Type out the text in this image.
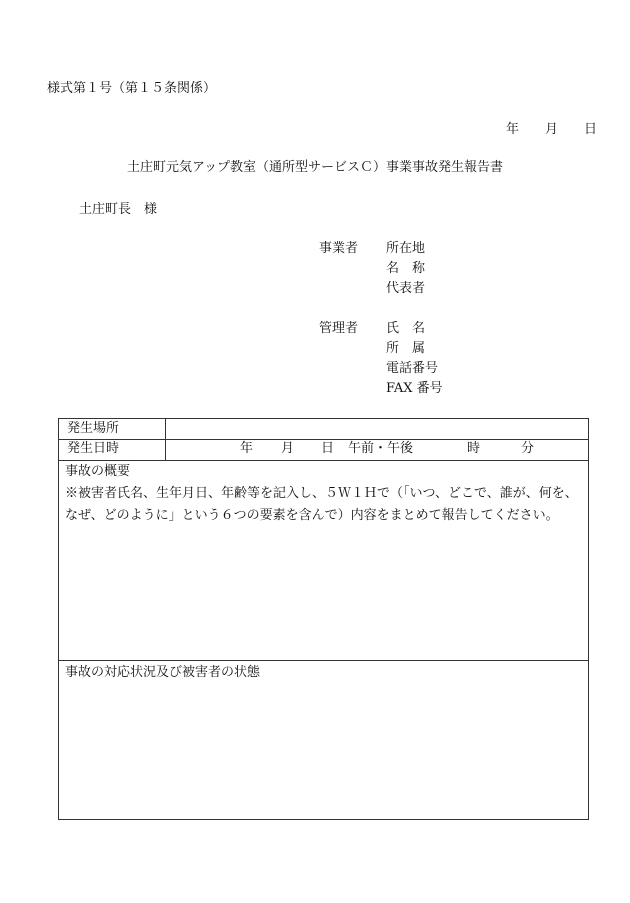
様式第１号（第１５条関係）
年 月 日
土庄町元気アップ教室（通所型サービスＣ）事業事故発生報告書
土庄町長　様
事業者 所在地
名　称
代表者
管理者 氏　名
所　属
電話番号
FAX 番号
発生場所
発生日時	年 月 日 午前・午後	時	分
事故の概要
※被害者氏名、生年月日、年齢等を記入し、５Ｗ１Ｈで（「いつ、どこで、誰が、何を、
なぜ、どのように」という６つの要素を含んで）内容をまとめて報告してください。
事故の対応状況及び被害者の状態
